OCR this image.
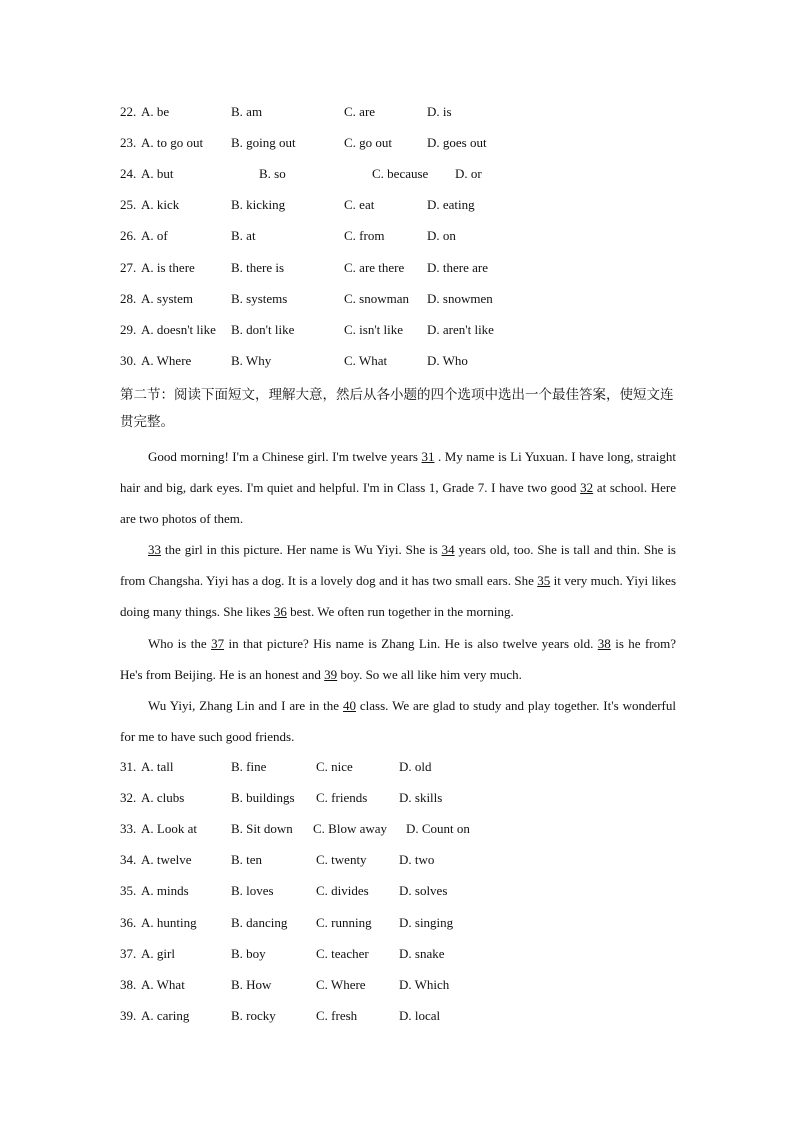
22. A. be	B. am	C. are	D. is
23. A. to go out B. going out	C. go out	D. goes out
24. A. but	B. so	C. because D. or
25. A. kick	B. kicking	C. eat	D. eating
26. A. of	B. at	C. from	D. on
27. A. is there	B. there is	C. are there D. there are
28. A. system	B. systems	C. snowman D. snowmen
29. A. doesn't like B. don't like	C. isn't like D. aren't like
30. A. Where	B. Why	C. What	D. Who
第二节：阅读下面短文，理解大意，然后从各小题的四个选项中选出一个最佳答案，使短文连 贯完整。
Good morning! I'm a Chinese girl. I'm twelve years 31 . My name is Li Yuxuan. I have long, straight hair and big, dark eyes. I'm quiet and helpful. I'm in Class 1, Grade 7. I have two good 32 at school. Here are two photos of them.
33 the girl in this picture. Her name is Wu Yiyi. She is 34 years old, too. She is tall and thin. She is from Changsha. Yiyi has a dog. It is a lovely dog and it has two small ears. She 35 it very much. Yiyi likes doing many things. She likes 36 best. We often run together in the morning.
Who is the 37 in that picture? His name is Zhang Lin. He is also twelve years old. 38 is he from? He's from Beijing. He is an honest and 39 boy. So we all like him very much.
Wu Yiyi, Zhang Lin and I are in the 40 class. We are glad to study and play together. It's wonderful for me to have such good friends.
31. A. tall	B. fine	C. nice	D. old
32. A. clubs	B. buildings C. friends D. skills
33. A. Look at	B. Sit down C. Blow away D. Count on
34. A. twelve	B. ten	C. twenty D. two
35. A. minds	B. loves	C. divides D. solves
36. A. hunting	B. dancing C. running D. singing
37. A. girl	B. boy	C. teacher D. snake
38. A. What	B. How	C. Where	D. Which
39. A. caring	B. rocky	C. fresh	D. local
